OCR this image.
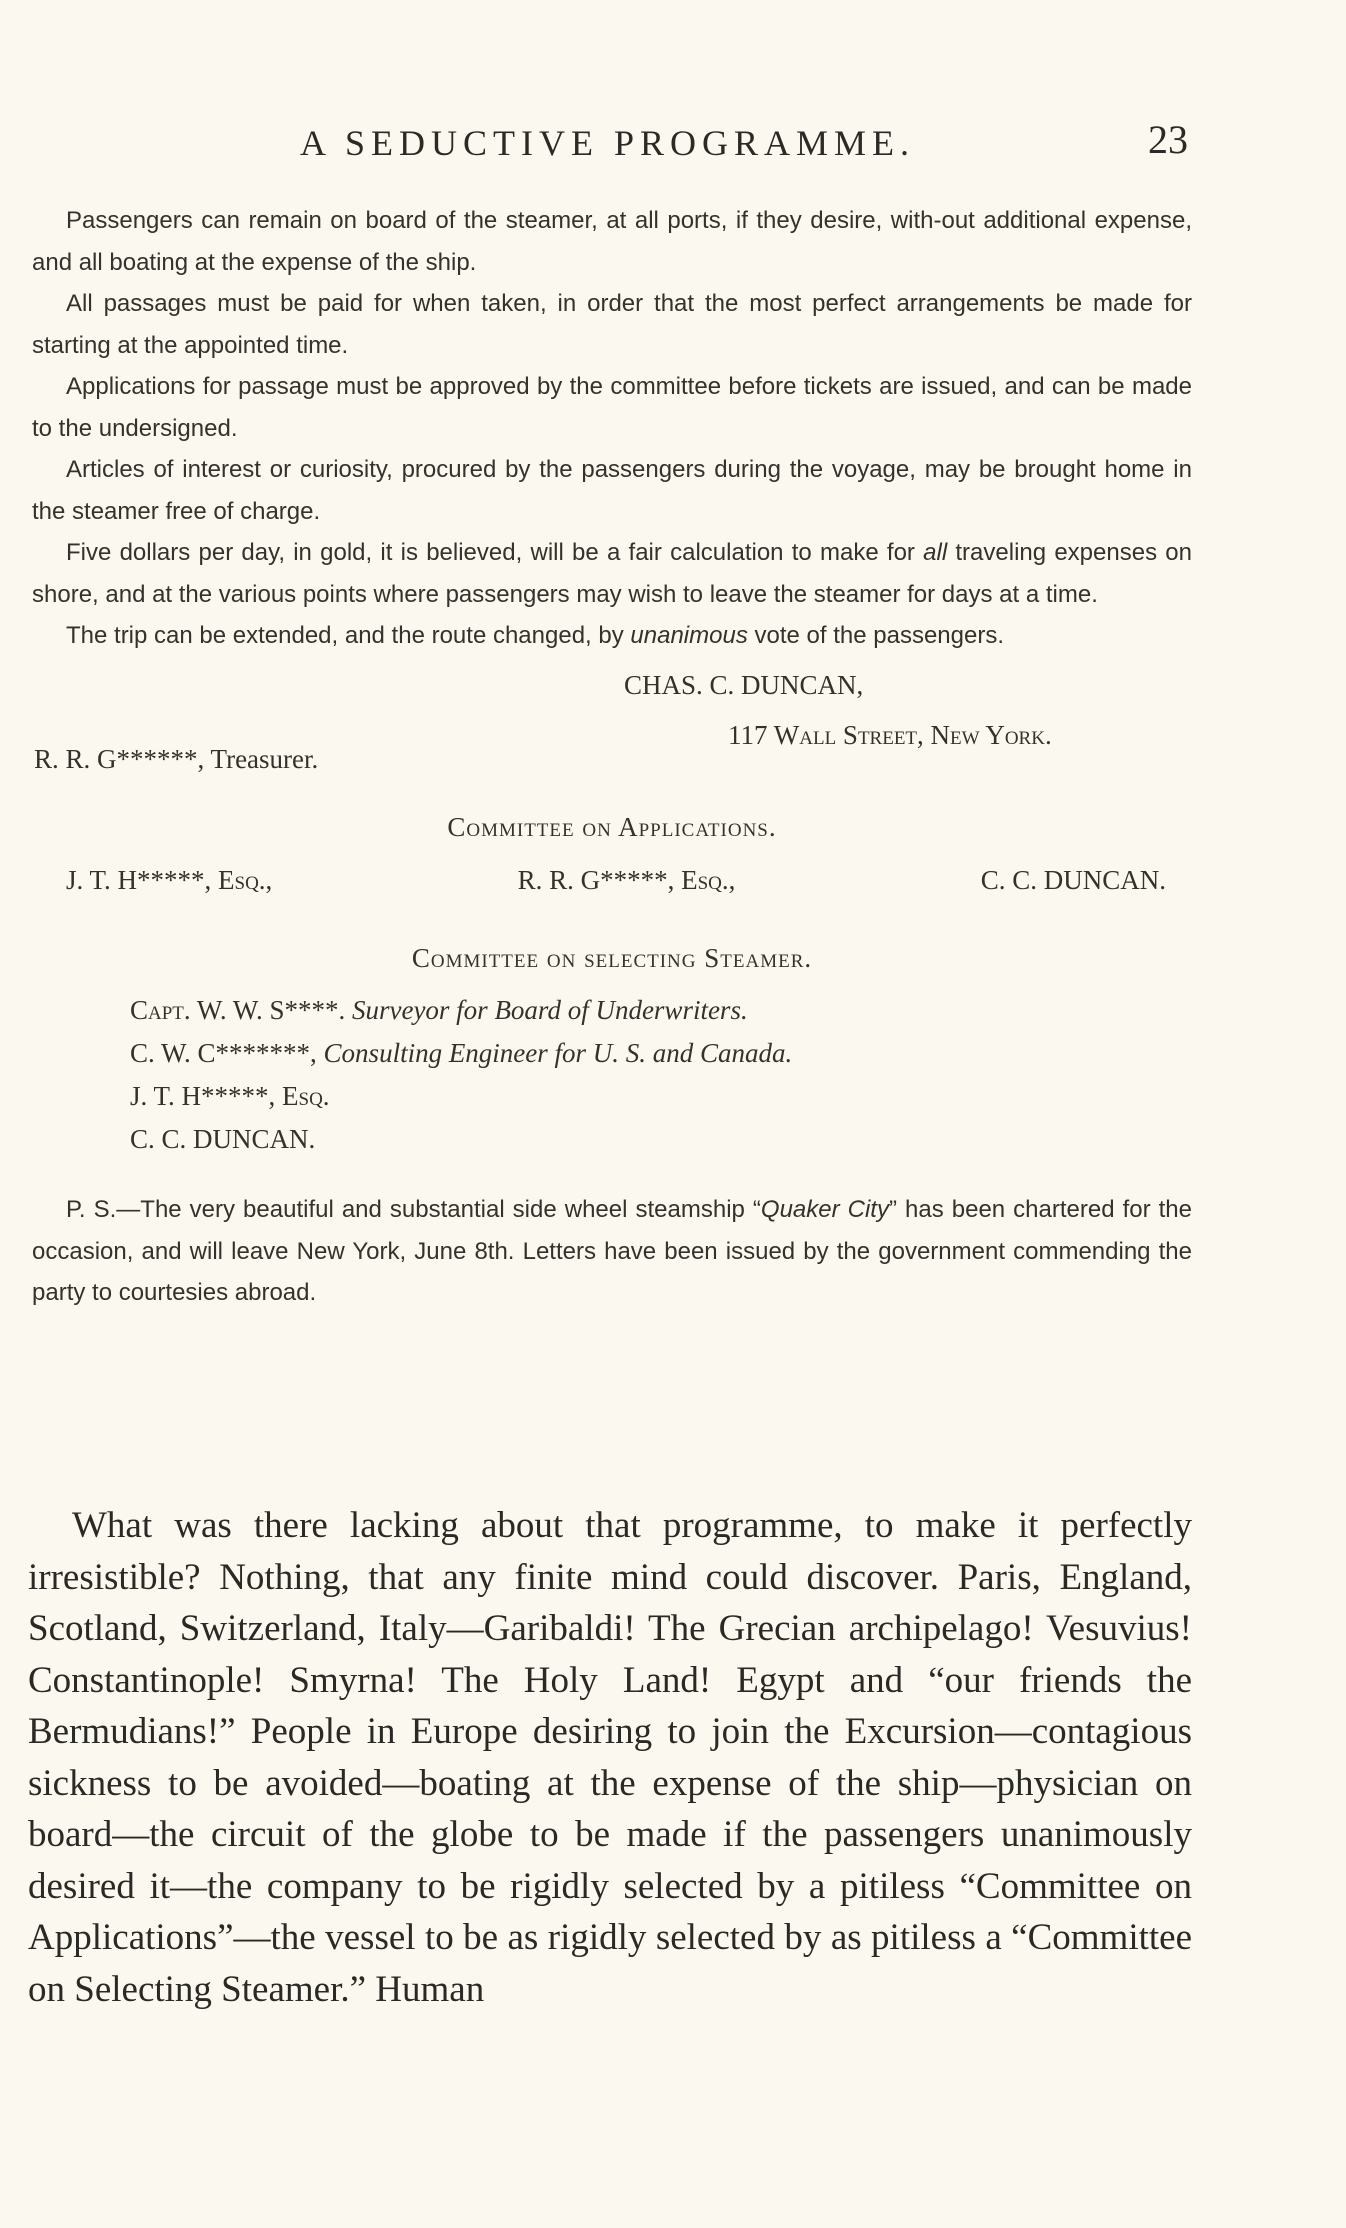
A SEDUCTIVE PROGRAMME.	23

Passengers can remain on board of the steamer, at all ports, if they desire, with-out additional expense, and all boating at the expense of the ship.

All passages must be paid for when taken, in order that the most perfect arrangements be made for starting at the appointed time.

Applications for passage must be approved by the committee before tickets are issued, and can be made to the undersigned.

Articles of interest or curiosity, procured by the passengers during the voyage, may be brought home in the steamer free of charge.

Five dollars per day, in gold, it is believed, will be a fair calculation to make for all traveling expenses on shore, and at the various points where passengers may wish to leave the steamer for days at a time.

The trip can be extended, and the route changed, by unanimous vote of the passengers.

CHAS. C. DUNCAN,
117 Wall Street, New York.
R. R. G******, Treasurer.
Committee on Applications.
J. T. H*****, Esq.,	R. R. G*****, Esq.,	C. C. DUNCAN.
Committee on selecting Steamer.
Capt. W. W. S****. Surveyor for Board of Underwriters.
C. W. C*******, Consulting Engineer for U. S. and Canada.
J. T. H*****, Esq.
C. C. DUNCAN.

P. S.—The very beautiful and substantial side wheel steamship “Quaker City” has been chartered for the occasion, and will leave New York, June 8th. Letters have been issued by the government commending the party to courtesies abroad.

What was there lacking about that programme, to make it perfectly irresistible? Nothing, that any finite mind could discover. Paris, England, Scotland, Switzerland, Italy—Garibaldi! The Grecian archipelago! Vesuvius! Constantinople! Smyrna! The Holy Land! Egypt and “our friends the Bermudians!” People in Europe desiring to join the Excursion—contagious sickness to be avoided—boating at the expense of the ship—physician on board—the circuit of the globe to be made if the passengers unanimously desired it—the company to be rigidly selected by a pitiless “Committee on Applications”—the vessel to be as rigidly selected by as pitiless a “Committee on Selecting Steamer.” Human
